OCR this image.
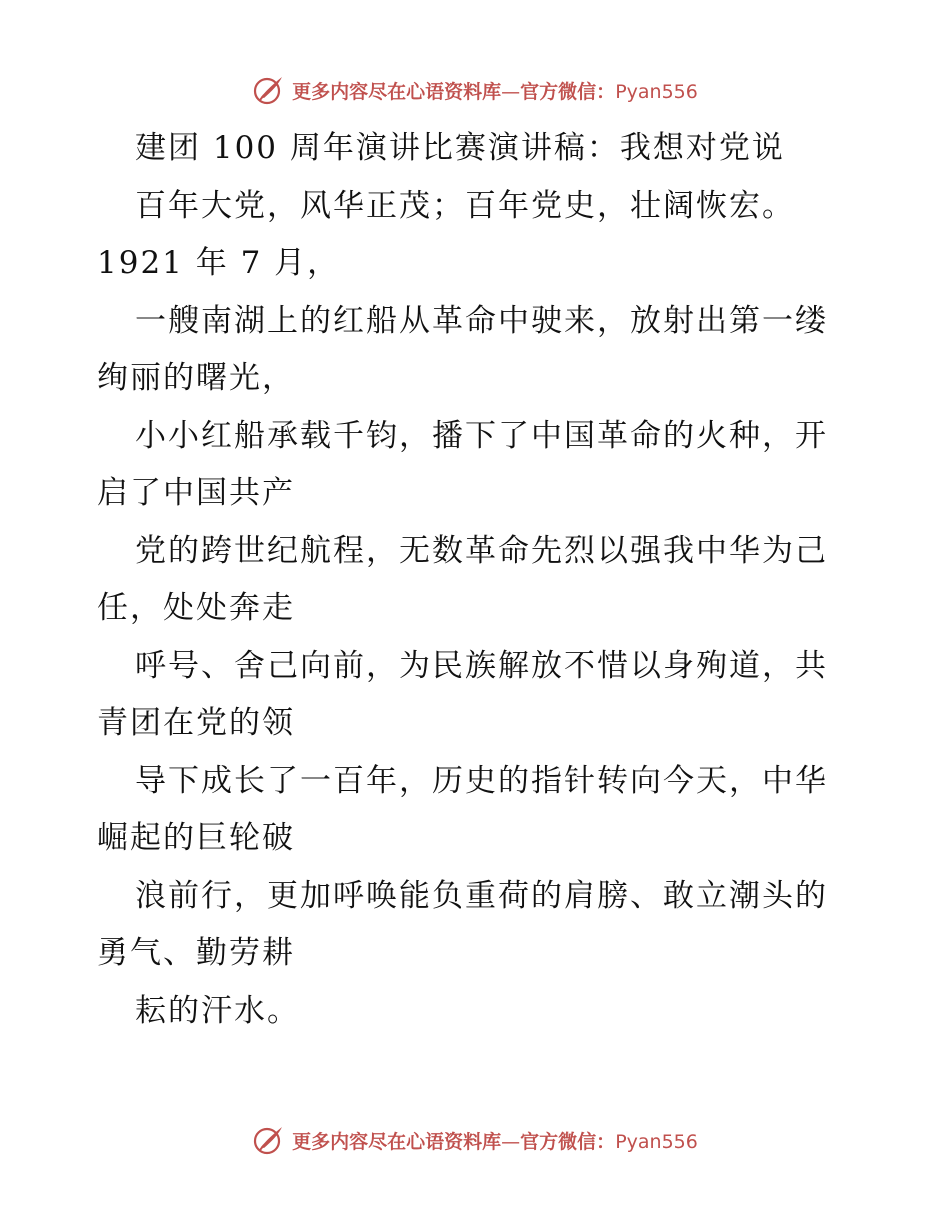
更多内容尽在心语资料库—官方微信：Pyan556
建团 100 周年演讲比赛演讲稿：我想对党说
百年大党，风华正茂；百年党史，壮阔恢宏。
1921 年 7 月，
一艘南湖上的红船从革命中驶来，放射出第一缕
绚丽的曙光，
小小红船承载千钧，播下了中国革命的火种，开
启了中国共产
党的跨世纪航程，无数革命先烈以强我中华为己
任，处处奔走
呼号、舍己向前，为民族解放不惜以身殉道，共
青团在党的领
导下成长了一百年，历史的指针转向今天，中华
崛起的巨轮破
浪前行，更加呼唤能负重荷的肩膀、敢立潮头的
勇气、勤劳耕
耘的汗水。
更多内容尽在心语资料库—官方微信：Pyan556
